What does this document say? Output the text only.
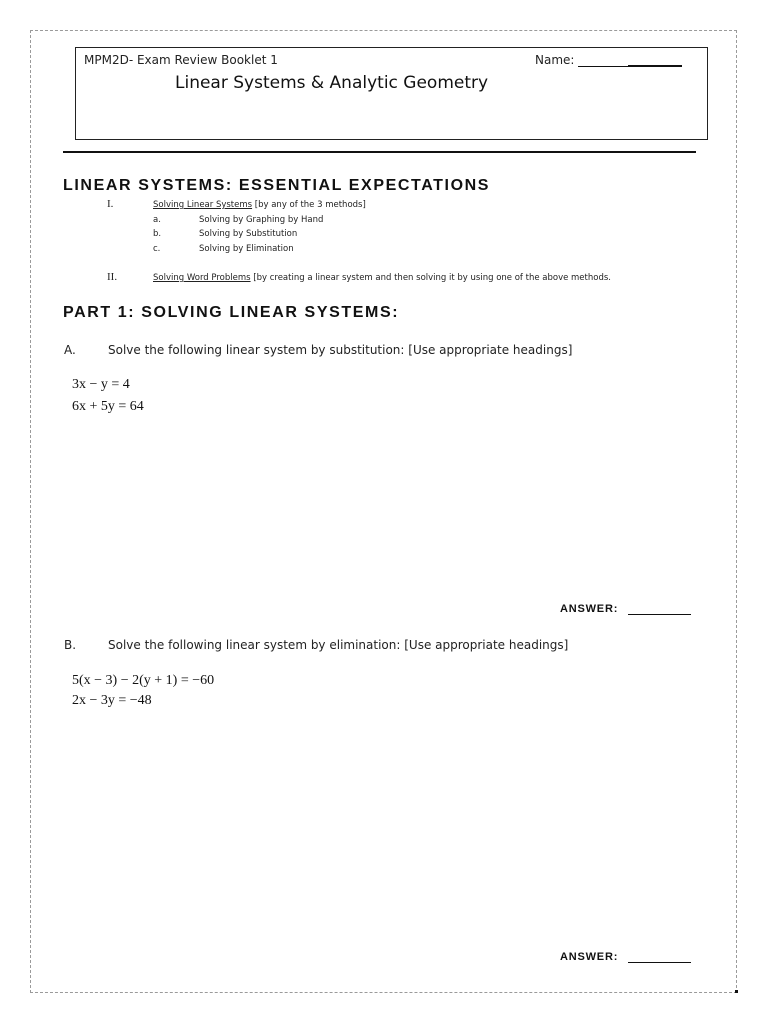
MPM2D- Exam Review Booklet 1	Name:
Linear Systems & Analytic Geometry
LINEAR SYSTEMS: ESSENTIAL EXPECTATIONS
I.	Solving Linear Systems [by any of the 3 methods]
a.	Solving by Graphing by Hand
b.	Solving by Substitution
c.	Solving by Elimination
II.	Solving Word Problems [by creating a linear system and then solving it by using one of the above methods.
PART 1: SOLVING LINEAR SYSTEMS:
A.	Solve the following linear system by substitution: [Use appropriate headings]
3x − y = 4
6x + 5y = 64
ANSWER:
B.	Solve the following linear system by elimination: [Use appropriate headings]
5(x − 3) − 2(y + 1) = −60
2x − 3y = −48
ANSWER:
